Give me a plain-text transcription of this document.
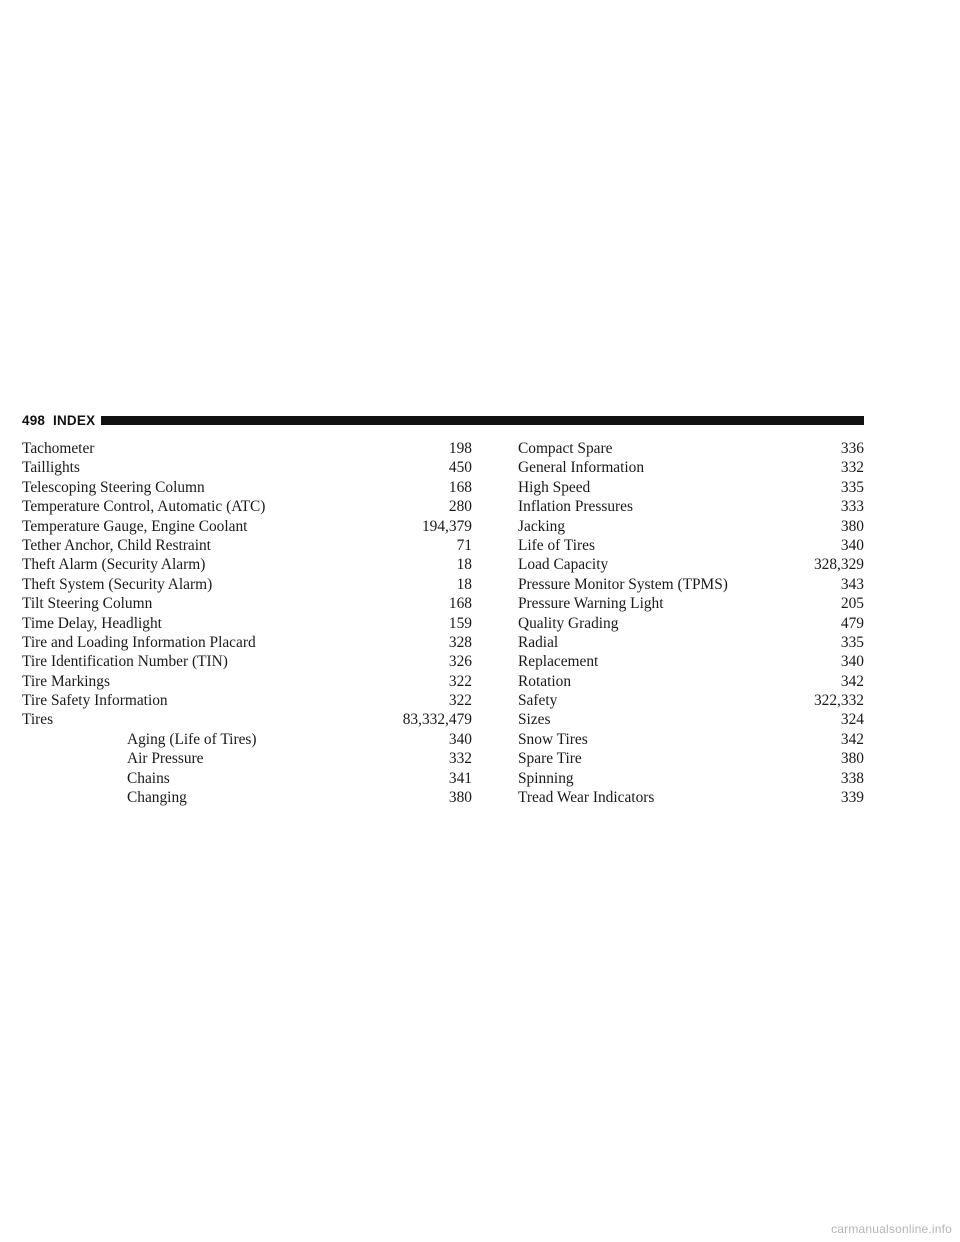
498 INDEX
Tachometer	198
Taillights	450
Telescoping Steering Column	168
Temperature Control, Automatic (ATC)	280
Temperature Gauge, Engine Coolant	194,379
Tether Anchor, Child Restraint	71
Theft Alarm (Security Alarm)	18
Theft System (Security Alarm)	18
Tilt Steering Column	168
Time Delay, Headlight	159
Tire and Loading Information Placard	328
Tire Identification Number (TIN)	326
Tire Markings	322
Tire Safety Information	322
Tires	83,332,479
Aging (Life of Tires)	340
Air Pressure	332
Chains	341
Changing	380
Compact Spare	336
General Information	332
High Speed	335
Inflation Pressures	333
Jacking	380
Life of Tires	340
Load Capacity	328,329
Pressure Monitor System (TPMS)	343
Pressure Warning Light	205
Quality Grading	479
Radial	335
Replacement	340
Rotation	342
Safety	322,332
Sizes	324
Snow Tires	342
Spare Tire	380
Spinning	338
Tread Wear Indicators	339
carmanualsonline.info
